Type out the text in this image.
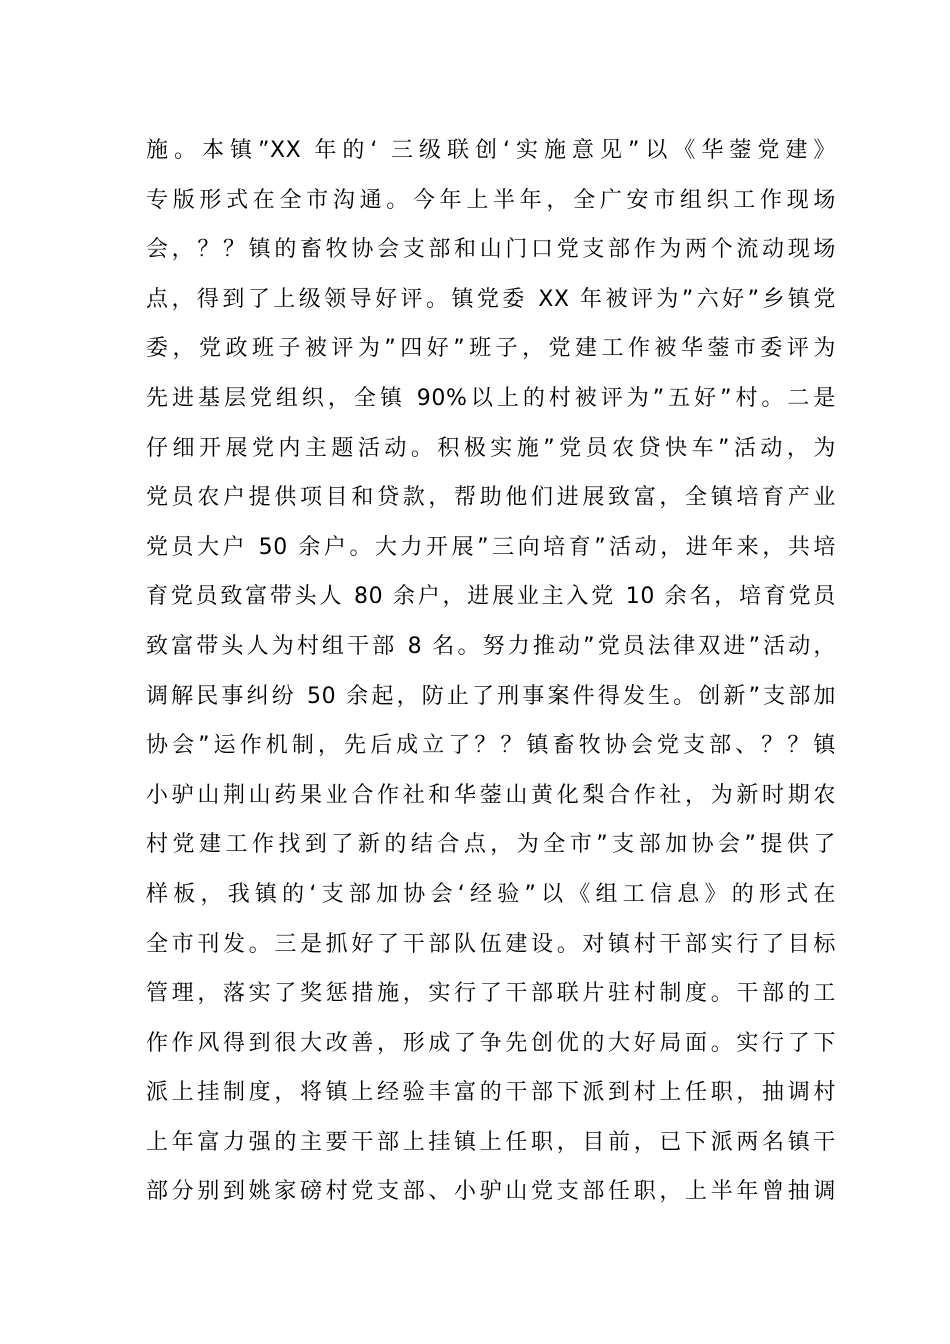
施。本镇”XX 年的‘ 三级联创‘实施意见”以《华蓥党建》
专版形式在全市沟通。今年上半年，全广安市组织工作现场
会，？？镇的畜牧协会支部和山门口党支部作为两个流动现场
点，得到了上级领导好评。镇党委 XX 年被评为”六好”乡镇党
委，党政班子被评为”四好”班子，党建工作被华蓥市委评为
先进基层党组织，全镇 90%以上的村被评为”五好”村。二是
仔细开展党内主题活动。积极实施”党员农贷快车”活动，为
党员农户提供项目和贷款，帮助他们进展致富，全镇培育产业
党员大户 50 余户。大力开展”三向培育”活动，进年来，共培
育党员致富带头人 80 余户，进展业主入党 10 余名，培育党员
致富带头人为村组干部 8 名。努力推动”党员法律双进”活动，
调解民事纠纷 50 余起，防止了刑事案件得发生。创新”支部加
协会”运作机制，先后成立了？？镇畜牧协会党支部、？？镇
小驴山荆山药果业合作社和华蓥山黄化梨合作社，为新时期农
村党建工作找到了新的结合点，为全市”支部加协会”提供了
样板，我镇的‘支部加协会‘经验”以《组工信息》的形式在
全市刊发。三是抓好了干部队伍建设。对镇村干部实行了目标
管理，落实了奖惩措施，实行了干部联片驻村制度。干部的工
作作风得到很大改善，形成了争先创优的大好局面。实行了下
派上挂制度，将镇上经验丰富的干部下派到村上任职，抽调村
上年富力强的主要干部上挂镇上任职，目前，已下派两名镇干
部分别到姚家磅村党支部、小驴山党支部任职，上半年曾抽调
